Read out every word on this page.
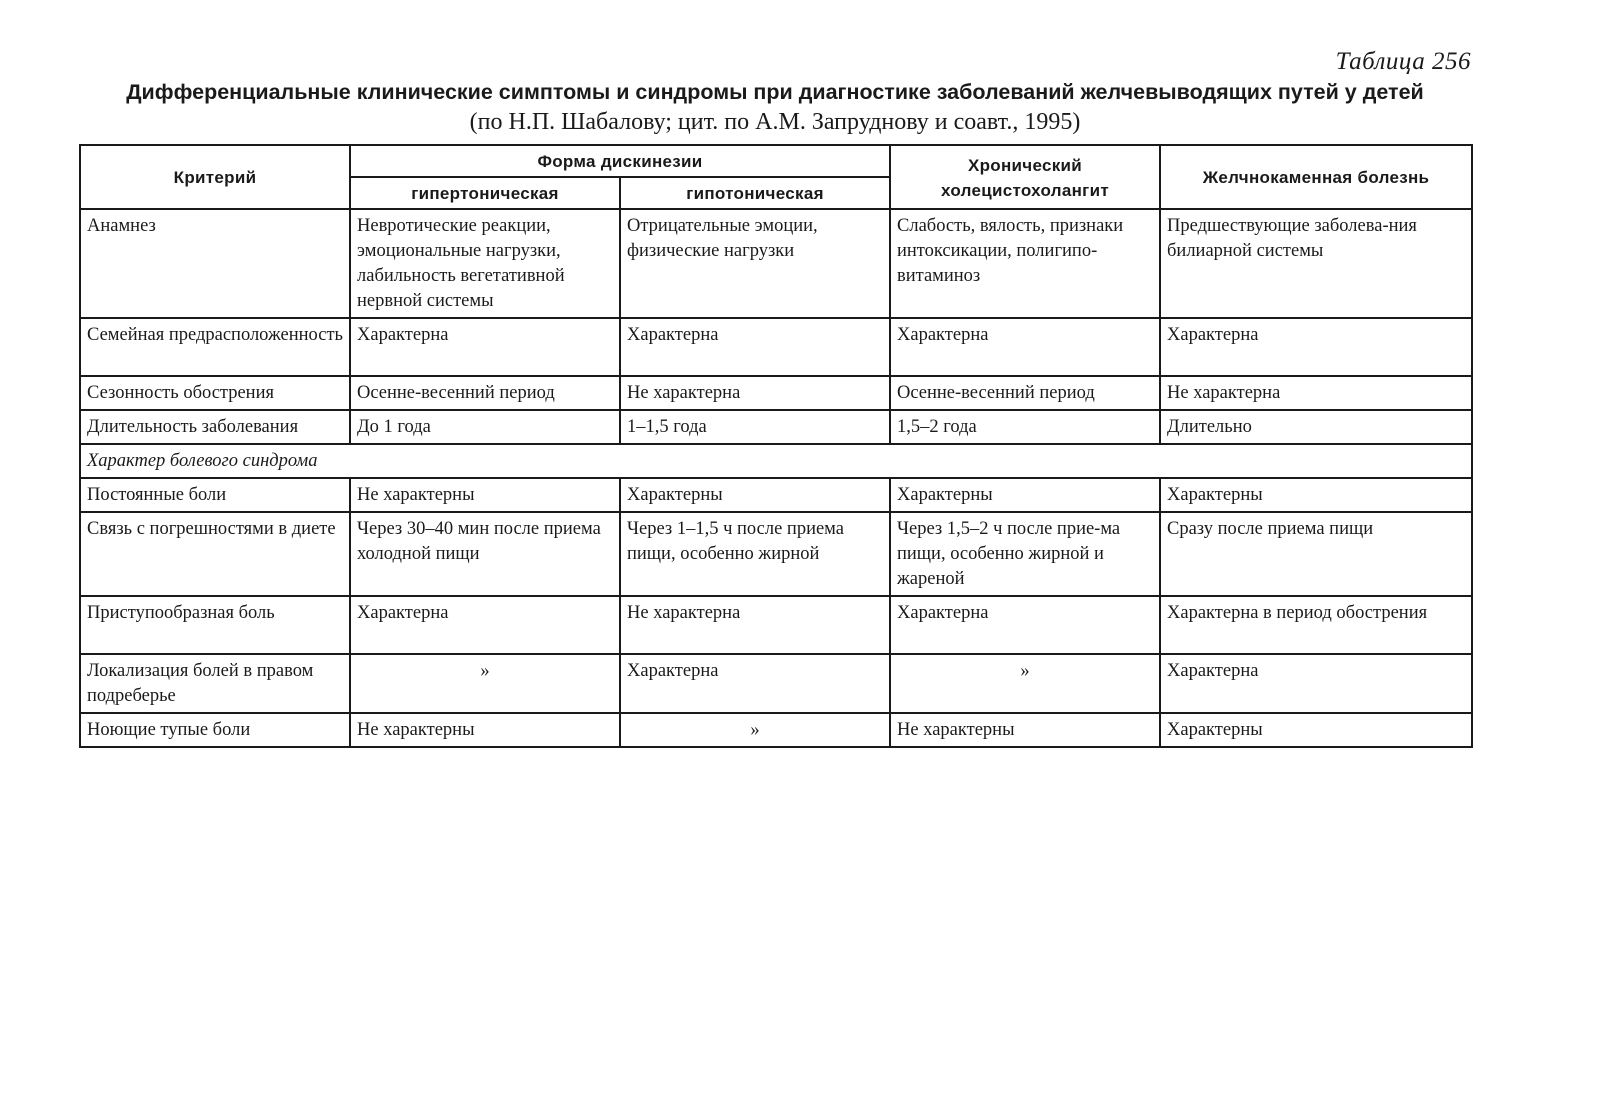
Таблица 256
Дифференциальные клинические симптомы и синдромы при диагностике заболеваний желчевыводящих путей у детей
(по Н.П. Шабалову; цит. по А.М. Запруднову и соавт., 1995)
Критерий	Форма дискинезии		Хронический холецистохолангит	Желчнокаменная болезнь
	гипертоническая	гипотоническая		
Анамнез	Невротические реакции, эмоциональные нагрузки, лабильность вегетативной нервной системы	Отрицательные эмоции, физические нагрузки	Слабость, вялость, признаки интоксикации, полигипо-витаминоз	Предшествующие заболева-ния билиарной системы
Семейная предрасположенность	Характерна	Характерна	Характерна	Характерна
Сезонность обострения	Осенне-весенний период	Не характерна	Осенне-весенний период	Не характерна
Длительность заболевания	До 1 года	1–1,5 года	1,5–2 года	Длительно
Характер болевого синдрома				
Постоянные боли	Не характерны	Характерны	Характерны	Характерны
Связь с погрешностями в диете	Через 30–40 мин после приема холодной пищи	Через 1–1,5 ч после приема пищи, особенно жирной	Через 1,5–2 ч после прие-ма пищи, особенно жирной и жареной	Сразу после приема пищи
Приступообразная боль	Характерна	Не характерна	Характерна	Характерна в период обострения
Локализация болей в правом подреберье	»	Характерна	»	Характерна
Ноющие тупые боли	Не характерны	»	Не характерны	Характерны
